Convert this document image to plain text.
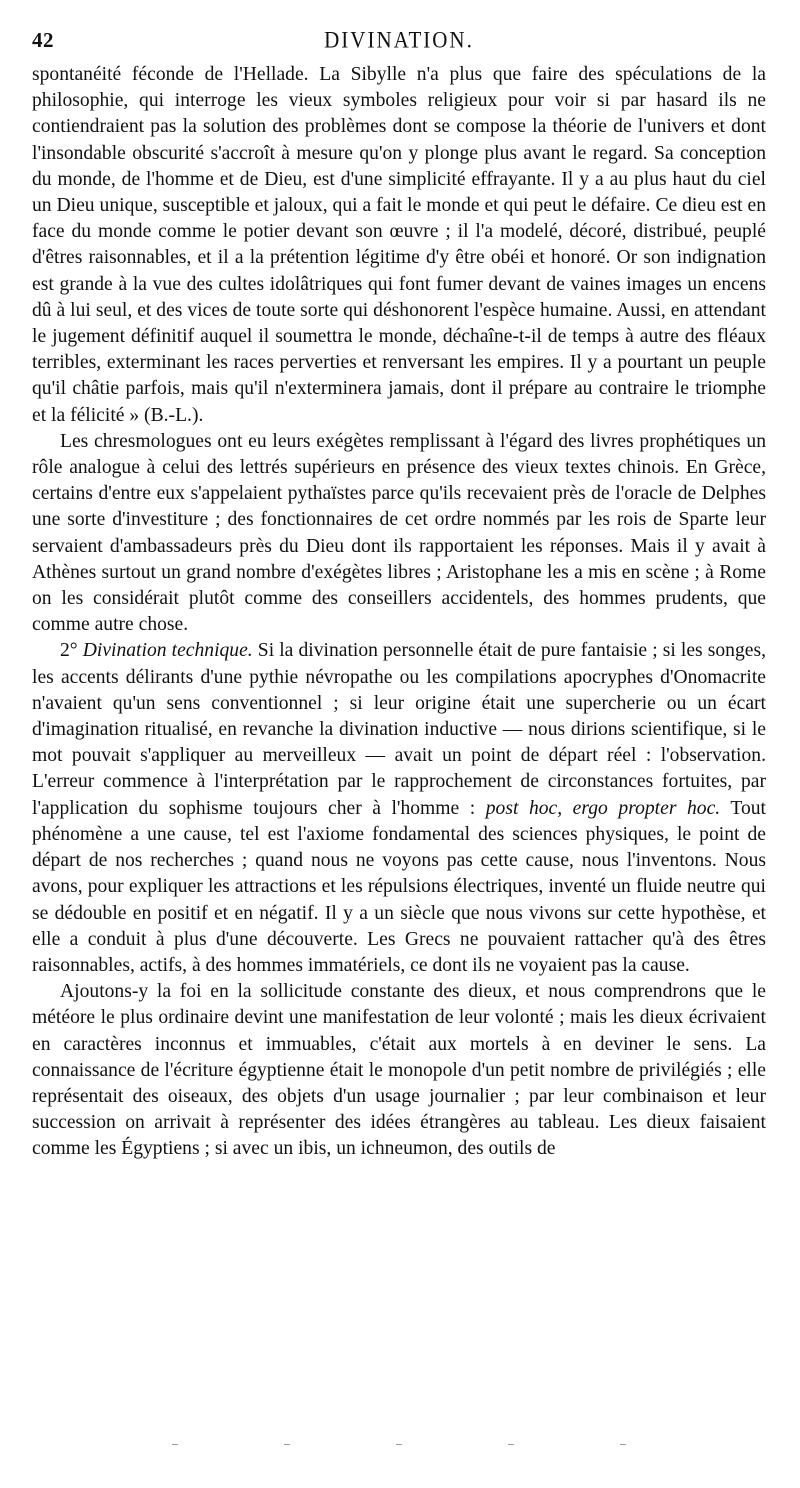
42	DIVINATION.

spontanéité féconde de l'Hellade. La Sibylle n'a plus que faire des spéculations de la philosophie, qui interroge les vieux symboles religieux pour voir si par hasard ils ne contiendraient pas la solution des problèmes dont se compose la théorie de l'univers et dont l'insondable obscurité s'accroît à mesure qu'on y plonge plus avant le regard. Sa conception du monde, de l'homme et de Dieu, est d'une simplicité effrayante. Il y a au plus haut du ciel un Dieu unique, susceptible et jaloux, qui a fait le monde et qui peut le défaire. Ce dieu est en face du monde comme le potier devant son œuvre ; il l'a modelé, décoré, distribué, peuplé d'êtres raisonnables, et il a la prétention légitime d'y être obéi et honoré. Or son indignation est grande à la vue des cultes idolâtriques qui font fumer devant de vaines images un encens dû à lui seul, et des vices de toute sorte qui déshonorent l'espèce humaine. Aussi, en attendant le jugement définitif auquel il soumettra le monde, déchaîne-t-il de temps à autre des fléaux terribles, exterminant les races perverties et renversant les empires. Il y a pourtant un peuple qu'il châtie parfois, mais qu'il n'exterminera jamais, dont il prépare au contraire le triomphe et la félicité » (B.-L.).

Les chresmologues ont eu leurs exégètes remplissant à l'égard des livres prophétiques un rôle analogue à celui des lettrés supérieurs en présence des vieux textes chinois. En Grèce, certains d'entre eux s'appelaient pythaïstes parce qu'ils recevaient près de l'oracle de Delphes une sorte d'investiture ; des fonctionnaires de cet ordre nommés par les rois de Sparte leur servaient d'ambassadeurs près du Dieu dont ils rapportaient les réponses. Mais il y avait à Athènes surtout un grand nombre d'exégètes libres ; Aristophane les a mis en scène ; à Rome on les considérait plutôt comme des conseillers accidentels, des hommes prudents, que comme autre chose.

2° Divination technique. Si la divination personnelle était de pure fantaisie ; si les songes, les accents délirants d'une pythie névropathe ou les compilations apocryphes d'Onomacrite n'avaient qu'un sens conventionnel ; si leur origine était une supercherie ou un écart d'imagination ritualisé, en revanche la divination inductive — nous dirions scientifique, si le mot pouvait s'appliquer au merveilleux — avait un point de départ réel : l'observation. L'erreur commence à l'interprétation par le rapprochement de circonstances fortuites, par l'application du sophisme toujours cher à l'homme : post hoc, ergo propter hoc. Tout phénomène a une cause, tel est l'axiome fondamental des sciences physiques, le point de départ de nos recherches ; quand nous ne voyons pas cette cause, nous l'inventons. Nous avons, pour expliquer les attractions et les répulsions électriques, inventé un fluide neutre qui se dédouble en positif et en négatif. Il y a un siècle que nous vivons sur cette hypothèse, et elle a conduit à plus d'une découverte. Les Grecs ne pouvaient rattacher qu'à des êtres raisonnables, actifs, à des hommes immatériels, ce dont ils ne voyaient pas la cause.

Ajoutons-y la foi en la sollicitude constante des dieux, et nous comprendrons que le météore le plus ordinaire devint une manifestation de leur volonté ; mais les dieux écrivaient en caractères inconnus et immuables, c'était aux mortels à en deviner le sens. La connaissance de l'écriture égyptienne était le monopole d'un petit nombre de privilégiés ; elle représentait des oiseaux, des objets d'un usage journalier ; par leur combinaison et leur succession on arrivait à représenter des idées étrangères au tableau. Les dieux faisaient comme les Égyptiens ; si avec un ibis, un ichneumon, des outils de
